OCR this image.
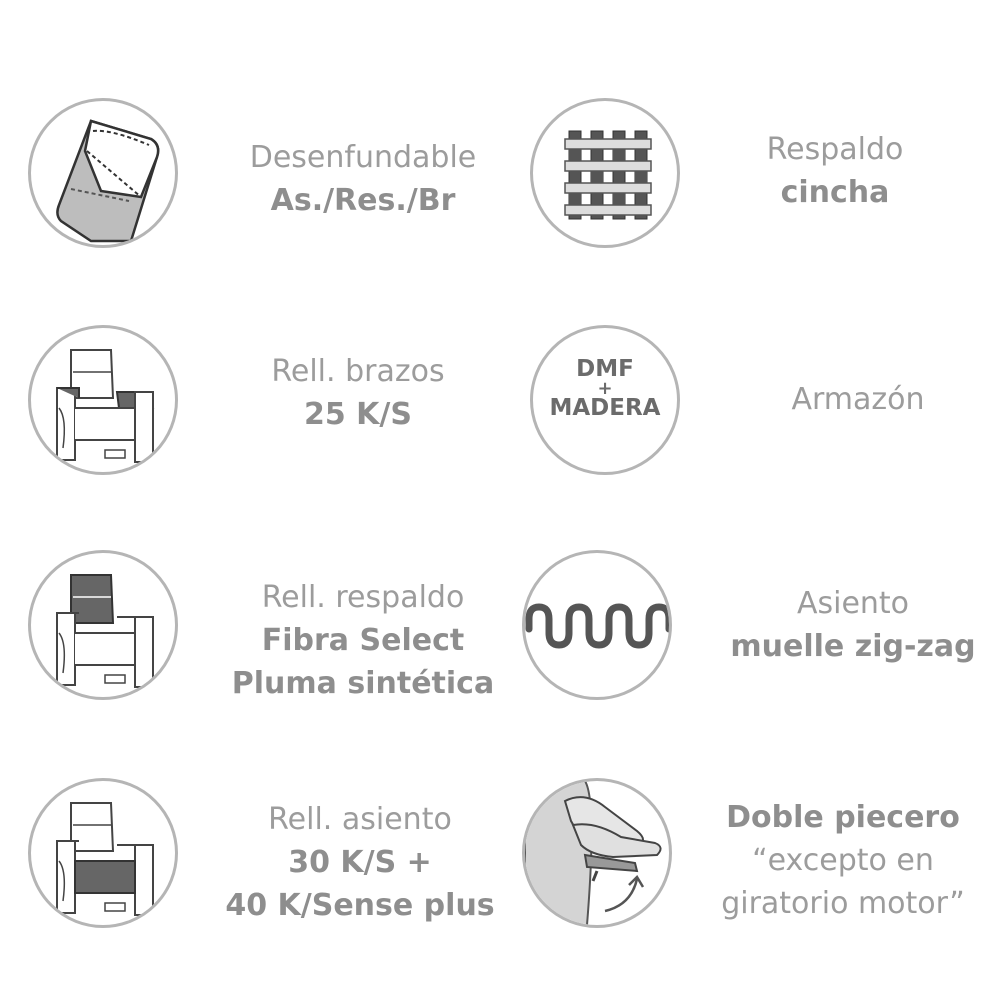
Desenfundable
As./Res./Br
Respaldo
cincha
Rell. brazos
25 K/S
DMF
+
MADERA	Armazón
Rell. respaldo
Fibra Select
Pluma sintética
Asiento
muelle zig-zag
Rell. asiento
30 K/S +
40 K/Sense plus
Doble piecero
“excepto en
giratorio motor”
